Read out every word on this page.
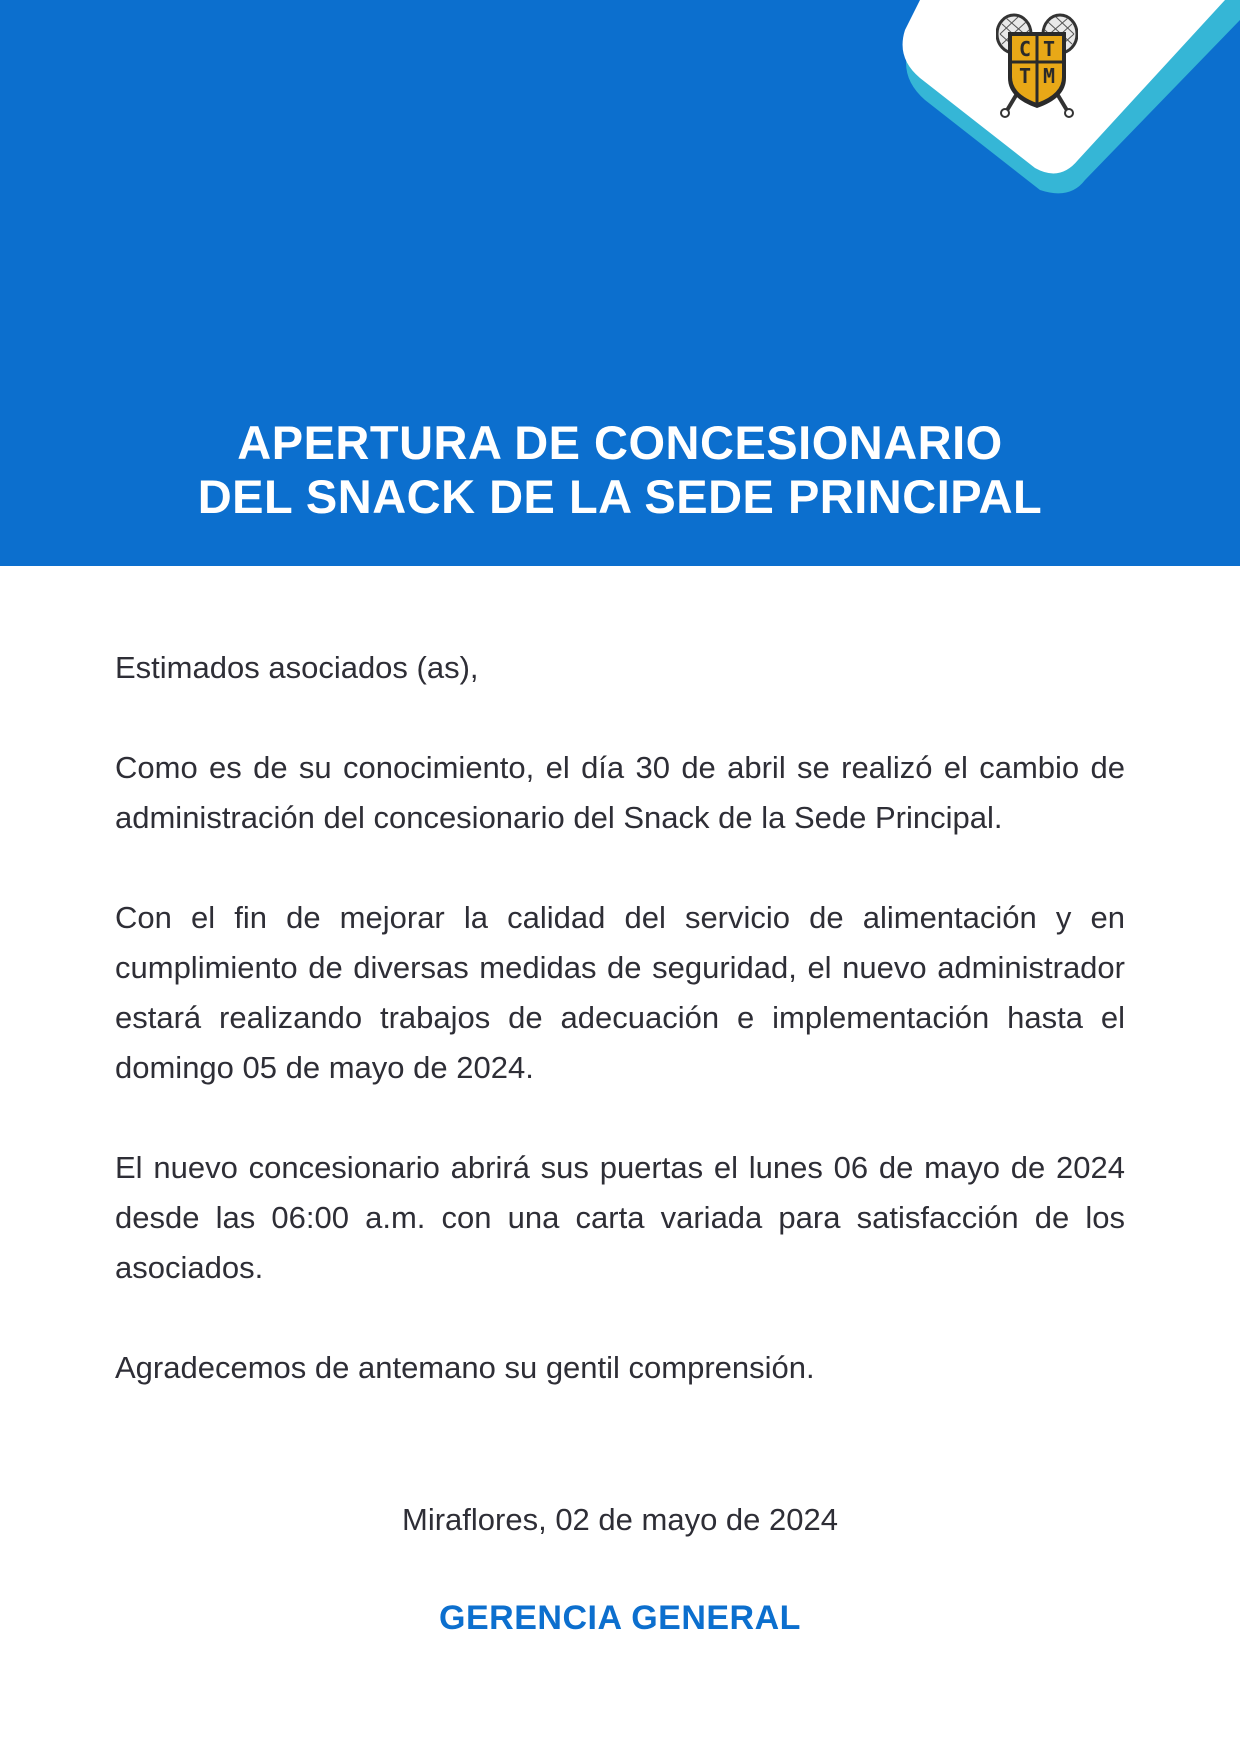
C T
T M
APERTURA DE CONCESIONARIO
DEL SNACK DE LA SEDE PRINCIPAL

Estimados asociados (as),

Como es de su conocimiento, el día 30 de abril se realizó el cambio de administración del concesionario del Snack de la Sede Principal.

Con el fin de mejorar la calidad del servicio de alimentación y en cumplimiento de diversas medidas de seguridad, el nuevo administrador estará realizando trabajos de adecuación e implementación hasta el domingo 05 de mayo de 2024.

El nuevo concesionario abrirá sus puertas el lunes 06 de mayo de 2024 desde las 06:00 a.m. con una carta variada para satisfacción de los asociados.

Agradecemos de antemano su gentil comprensión.

Miraflores, 02 de mayo de 2024
GERENCIA GENERAL
